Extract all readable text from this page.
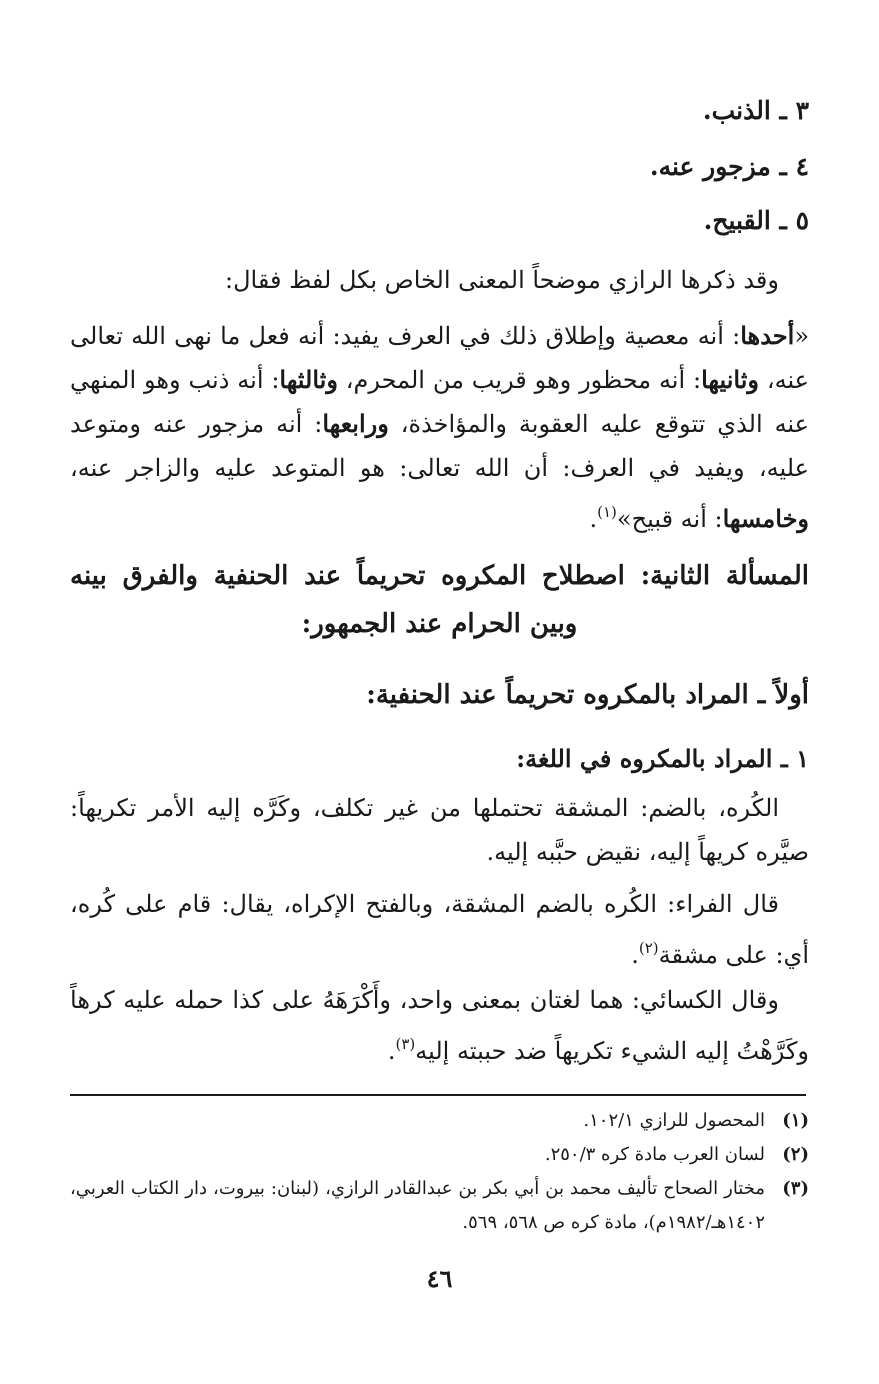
٣ ـ الذنب.
٤ ـ مزجور عنه.
٥ ـ القبيح.
وقد ذكرها الرازي موضحاً المعنى الخاص بكل لفظ فقال:
«أحدها: أنه معصية وإطلاق ذلك في العرف يفيد: أنه فعل ما نهى الله تعالى عنه، وثانيها: أنه محظور وهو قريب من المحرم، وثالثها: أنه ذنب وهو المنهي عنه الذي تتوقع عليه العقوبة والمؤاخذة، ورابعها: أنه مزجور عنه ومتوعد عليه، ويفيد في العرف: أن الله تعالى: هو المتوعد عليه والزاجر عنه، وخامسها: أنه قبيح»$^{(١)}$.
المسألة الثانية: اصطلاح المكروه تحريماً عند الحنفية والفرق بينه وبين الحرام عند الجمهور:
أولاً ـ المراد بالمكروه تحريماً عند الحنفية:
١ ـ المراد بالمكروه في اللغة:
الكُره، بالضم: المشقة تحتملها من غير تكلف، وكَرَّه إليه الأمر تكريهاً: صيَّره كريهاً إليه، نقيض حبَّبه إليه.
قال الفراء: الكُره بالضم المشقة، وبالفتح الإكراه، يقال: قام على كُره، أي: على مشقة$^{(٢)}$.
وقال الكسائي: هما لغتان بمعنى واحد، وأَكْرَهَهُ على كذا حمله عليه كرهاً وكَرَّهْتُ إليه الشيء تكريهاً ضد حببته إليه$^{(٣)}$.
(١)
المحصول للرازي ١٠٢/١.
(٢)
لسان العرب مادة كره ٢٥٠/٣.
(٣)
مختار الصحاح تأليف محمد بن أبي بكر بن عبدالقادر الرازي، (لبنان: بيروت، دار الكتاب العربي، ١٤٠٢هـ/١٩٨٢م)، مادة كره ص ٥٦٨، ٥٦٩.
٤٦
